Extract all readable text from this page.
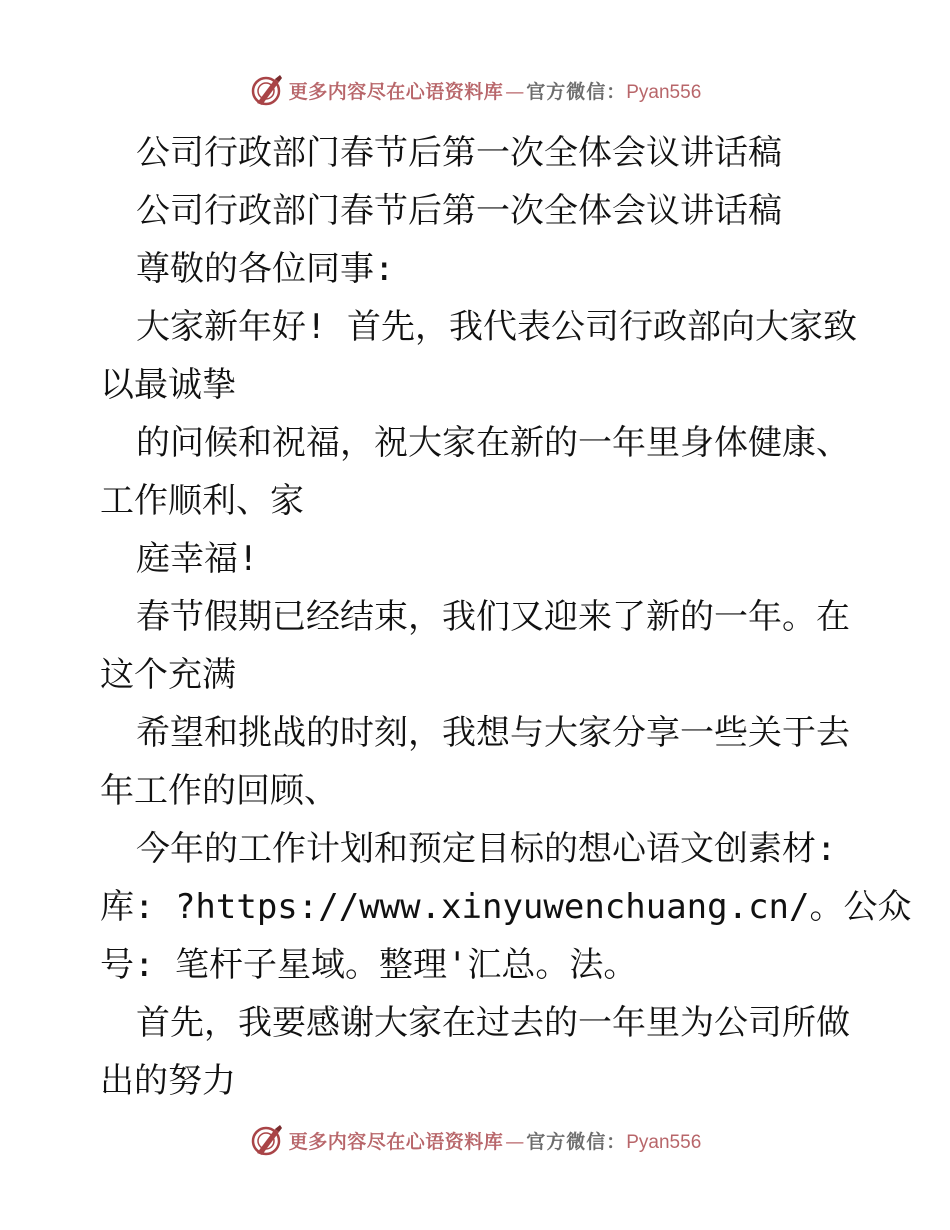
更多内容尽在心语资料库 — 官方微信： Pyan556
公司行政部门春节后第一次全体会议讲话稿
公司行政部门春节后第一次全体会议讲话稿
尊敬的各位同事:
大家新年好! 首先，我代表公司行政部向大家致
以最诚挚
的问候和祝福，祝大家在新的一年里身体健康、
工作顺利、家
庭幸福!
春节假期已经结束，我们又迎来了新的一年。在
这个充满
希望和挑战的时刻，我想与大家分享一些关于去
年工作的回顾、
今年的工作计划和预定目标的想心语文创素材:
库: ?https://www.xinyuwenchuang.cn/。公众
号: 笔杆子星域。整理'汇总。法。
首先，我要感谢大家在过去的一年里为公司所做
出的努力
更多内容尽在心语资料库 — 官方微信： Pyan556
